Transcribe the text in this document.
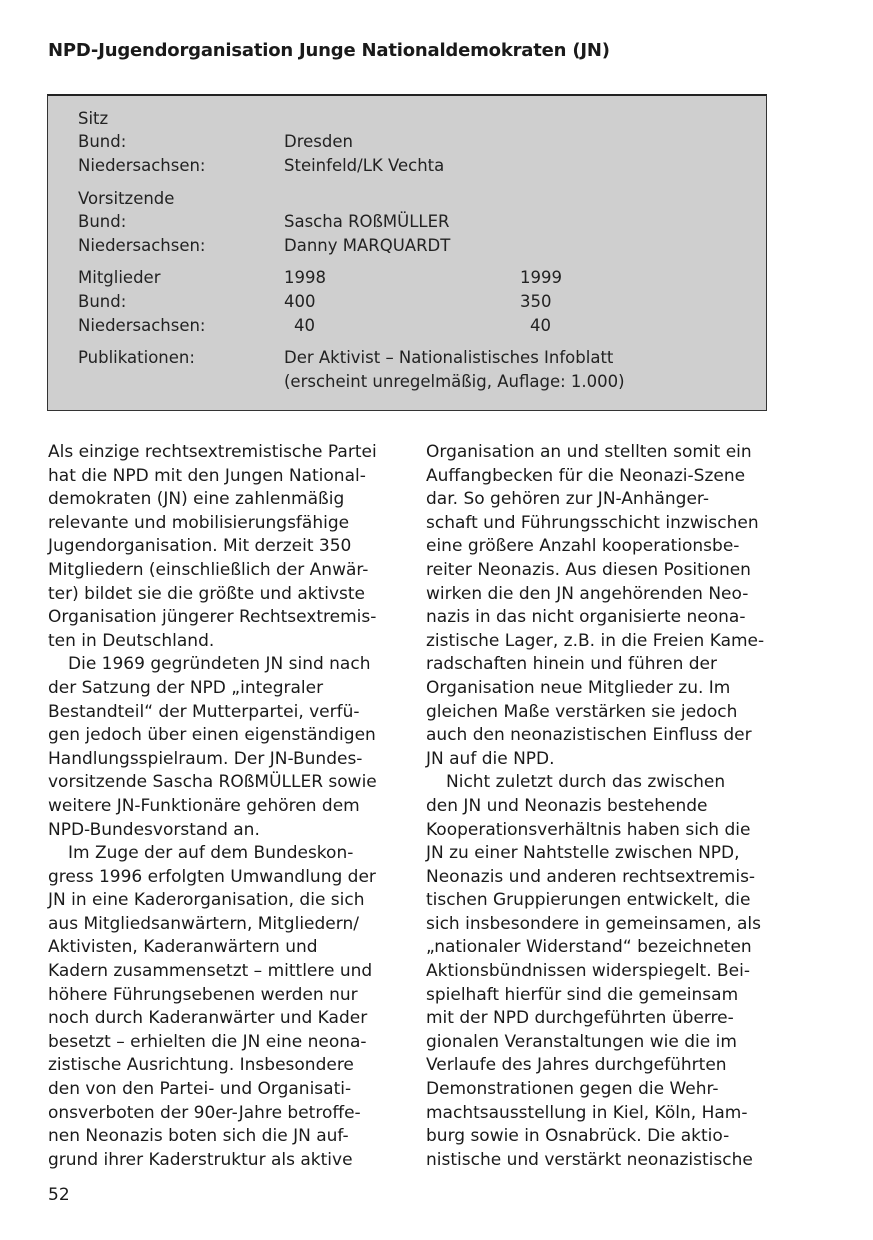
NPD-Jugendorganisation Junge Nationaldemokraten (JN)
Sitz
Bund:	Dresden
Niedersachsen:	Steinfeld/LK Vechta
Vorsitzende
Bund:	Sascha ROßMÜLLER
Niedersachsen:	Danny MARQUARDT
Mitglieder	1998	1999
Bund:	400	350
Niedersachsen:	40	40
Publikationen:	Der Aktivist – Nationalistisches Infoblatt
(erscheint unregelmäßig, Auflage: 1.000)
Als einzige rechtsextremistische Partei
hat die NPD mit den Jungen National-
demokraten (JN) eine zahlenmäßig
relevante und mobilisierungsfähige
Jugendorganisation. Mit derzeit 350
Mitgliedern (einschließlich der Anwär-
ter) bildet sie die größte und aktivste
Organisation jüngerer Rechtsextremis-
ten in Deutschland.
Die 1969 gegründeten JN sind nach
der Satzung der NPD „integraler
Bestandteil“ der Mutterpartei, verfü-
gen jedoch über einen eigenständigen
Handlungsspielraum. Der JN-Bundes-
vorsitzende Sascha ROßMÜLLER sowie
weitere JN-Funktionäre gehören dem
NPD-Bundesvorstand an.
Im Zuge der auf dem Bundeskon-
gress 1996 erfolgten Umwandlung der
JN in eine Kaderorganisation, die sich
aus Mitgliedsanwärtern, Mitgliedern/
Aktivisten, Kaderanwärtern und
Kadern zusammensetzt – mittlere und
höhere Führungsebenen werden nur
noch durch Kaderanwärter und Kader
besetzt – erhielten die JN eine neona-
zistische Ausrichtung. Insbesondere
den von den Partei- und Organisati-
onsverboten der 90er-Jahre betroffe-
nen Neonazis boten sich die JN auf-
grund ihrer Kaderstruktur als aktive
Organisation an und stellten somit ein
Auffangbecken für die Neonazi-Szene
dar. So gehören zur JN-Anhänger-
schaft und Führungsschicht inzwischen
eine größere Anzahl kooperationsbe-
reiter Neonazis. Aus diesen Positionen
wirken die den JN angehörenden Neo-
nazis in das nicht organisierte neona-
zistische Lager, z.B. in die Freien Kame-
radschaften hinein und führen der
Organisation neue Mitglieder zu. Im
gleichen Maße verstärken sie jedoch
auch den neonazistischen Einfluss der
JN auf die NPD.
Nicht zuletzt durch das zwischen
den JN und Neonazis bestehende
Kooperationsverhältnis haben sich die
JN zu einer Nahtstelle zwischen NPD,
Neonazis und anderen rechtsextremis-
tischen Gruppierungen entwickelt, die
sich insbesondere in gemeinsamen, als
„nationaler Widerstand“ bezeichneten
Aktionsbündnissen widerspiegelt. Bei-
spielhaft hierfür sind die gemeinsam
mit der NPD durchgeführten überre-
gionalen Veranstaltungen wie die im
Verlaufe des Jahres durchgeführten
Demonstrationen gegen die Wehr-
machtsausstellung in Kiel, Köln, Ham-
burg sowie in Osnabrück. Die aktio-
nistische und verstärkt neonazistische
52
